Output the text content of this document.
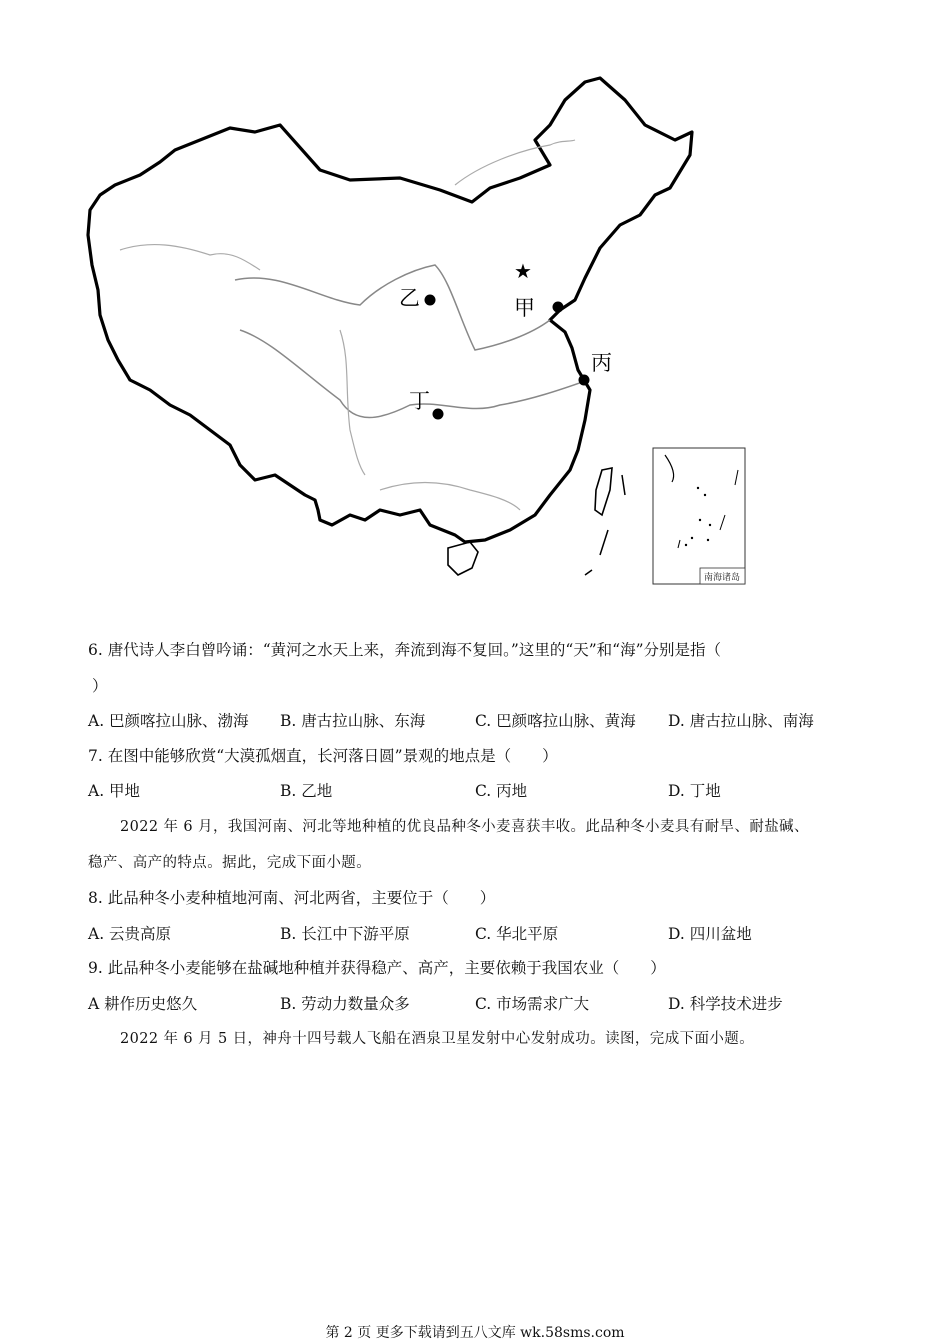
★
甲
乙
丙
丁
南海诸岛
6. 唐代诗人李白曾吟诵：“黄河之水天上来，奔流到海不复回。”这里的“天”和“海”分别是指（
）
A. 巴颜喀拉山脉、渤海 B. 唐古拉山脉、东海	C. 巴颜喀拉山脉、黄海 D. 唐古拉山脉、南海
7. 在图中能够欣赏“大漠孤烟直，长河落日圆”景观的地点是（　　）
A. 甲地	B. 乙地	C. 丙地	D. 丁地
2022 年 6 月，我国河南、河北等地种植的优良品种冬小麦喜获丰收。此品种冬小麦具有耐旱、耐盐碱、
稳产、高产的特点。据此，完成下面小题。
8. 此品种冬小麦种植地河南、河北两省，主要位于（　　）
A. 云贵高原	B. 长江中下游平原	C. 华北平原	D. 四川盆地
9. 此品种冬小麦能够在盐碱地种植并获得稳产、高产，主要依赖于我国农业（　　）
A 耕作历史悠久	B. 劳动力数量众多	C. 市场需求广大	D. 科学技术进步
2022 年 6 月 5 日，神舟十四号载人飞船在酒泉卫星发射中心发射成功。读图，完成下面小题。
第 2 页 更多下载请到五八文库 wk.58sms.com
